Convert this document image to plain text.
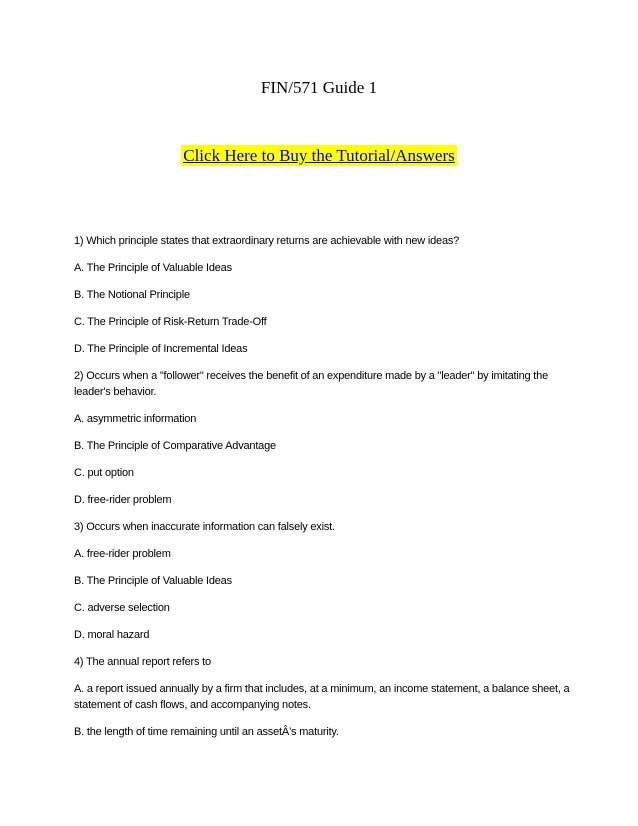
FIN/571 Guide 1
Click Here to Buy the Tutorial/Answers

1) Which principle states that extraordinary returns are achievable with new ideas?

A. The Principle of Valuable Ideas

B. The Notional Principle

C. The Principle of Risk-Return Trade-Off

D. The Principle of Incremental Ideas

2) Occurs when a "follower" receives the benefit of an expenditure made by a "leader" by imitating the leader's behavior.

A. asymmetric information

B. The Principle of Comparative Advantage

C. put option

D. free-rider problem

3) Occurs when inaccurate information can falsely exist.

A. free-rider problem

B. The Principle of Valuable Ideas

C. adverse selection

D. moral hazard

4) The annual report refers to

A. a report issued annually by a firm that includes, at a minimum, an income statement, a balance sheet, a statement of cash flows, and accompanying notes.

B. the length of time remaining until an assetÂ’s maturity.
